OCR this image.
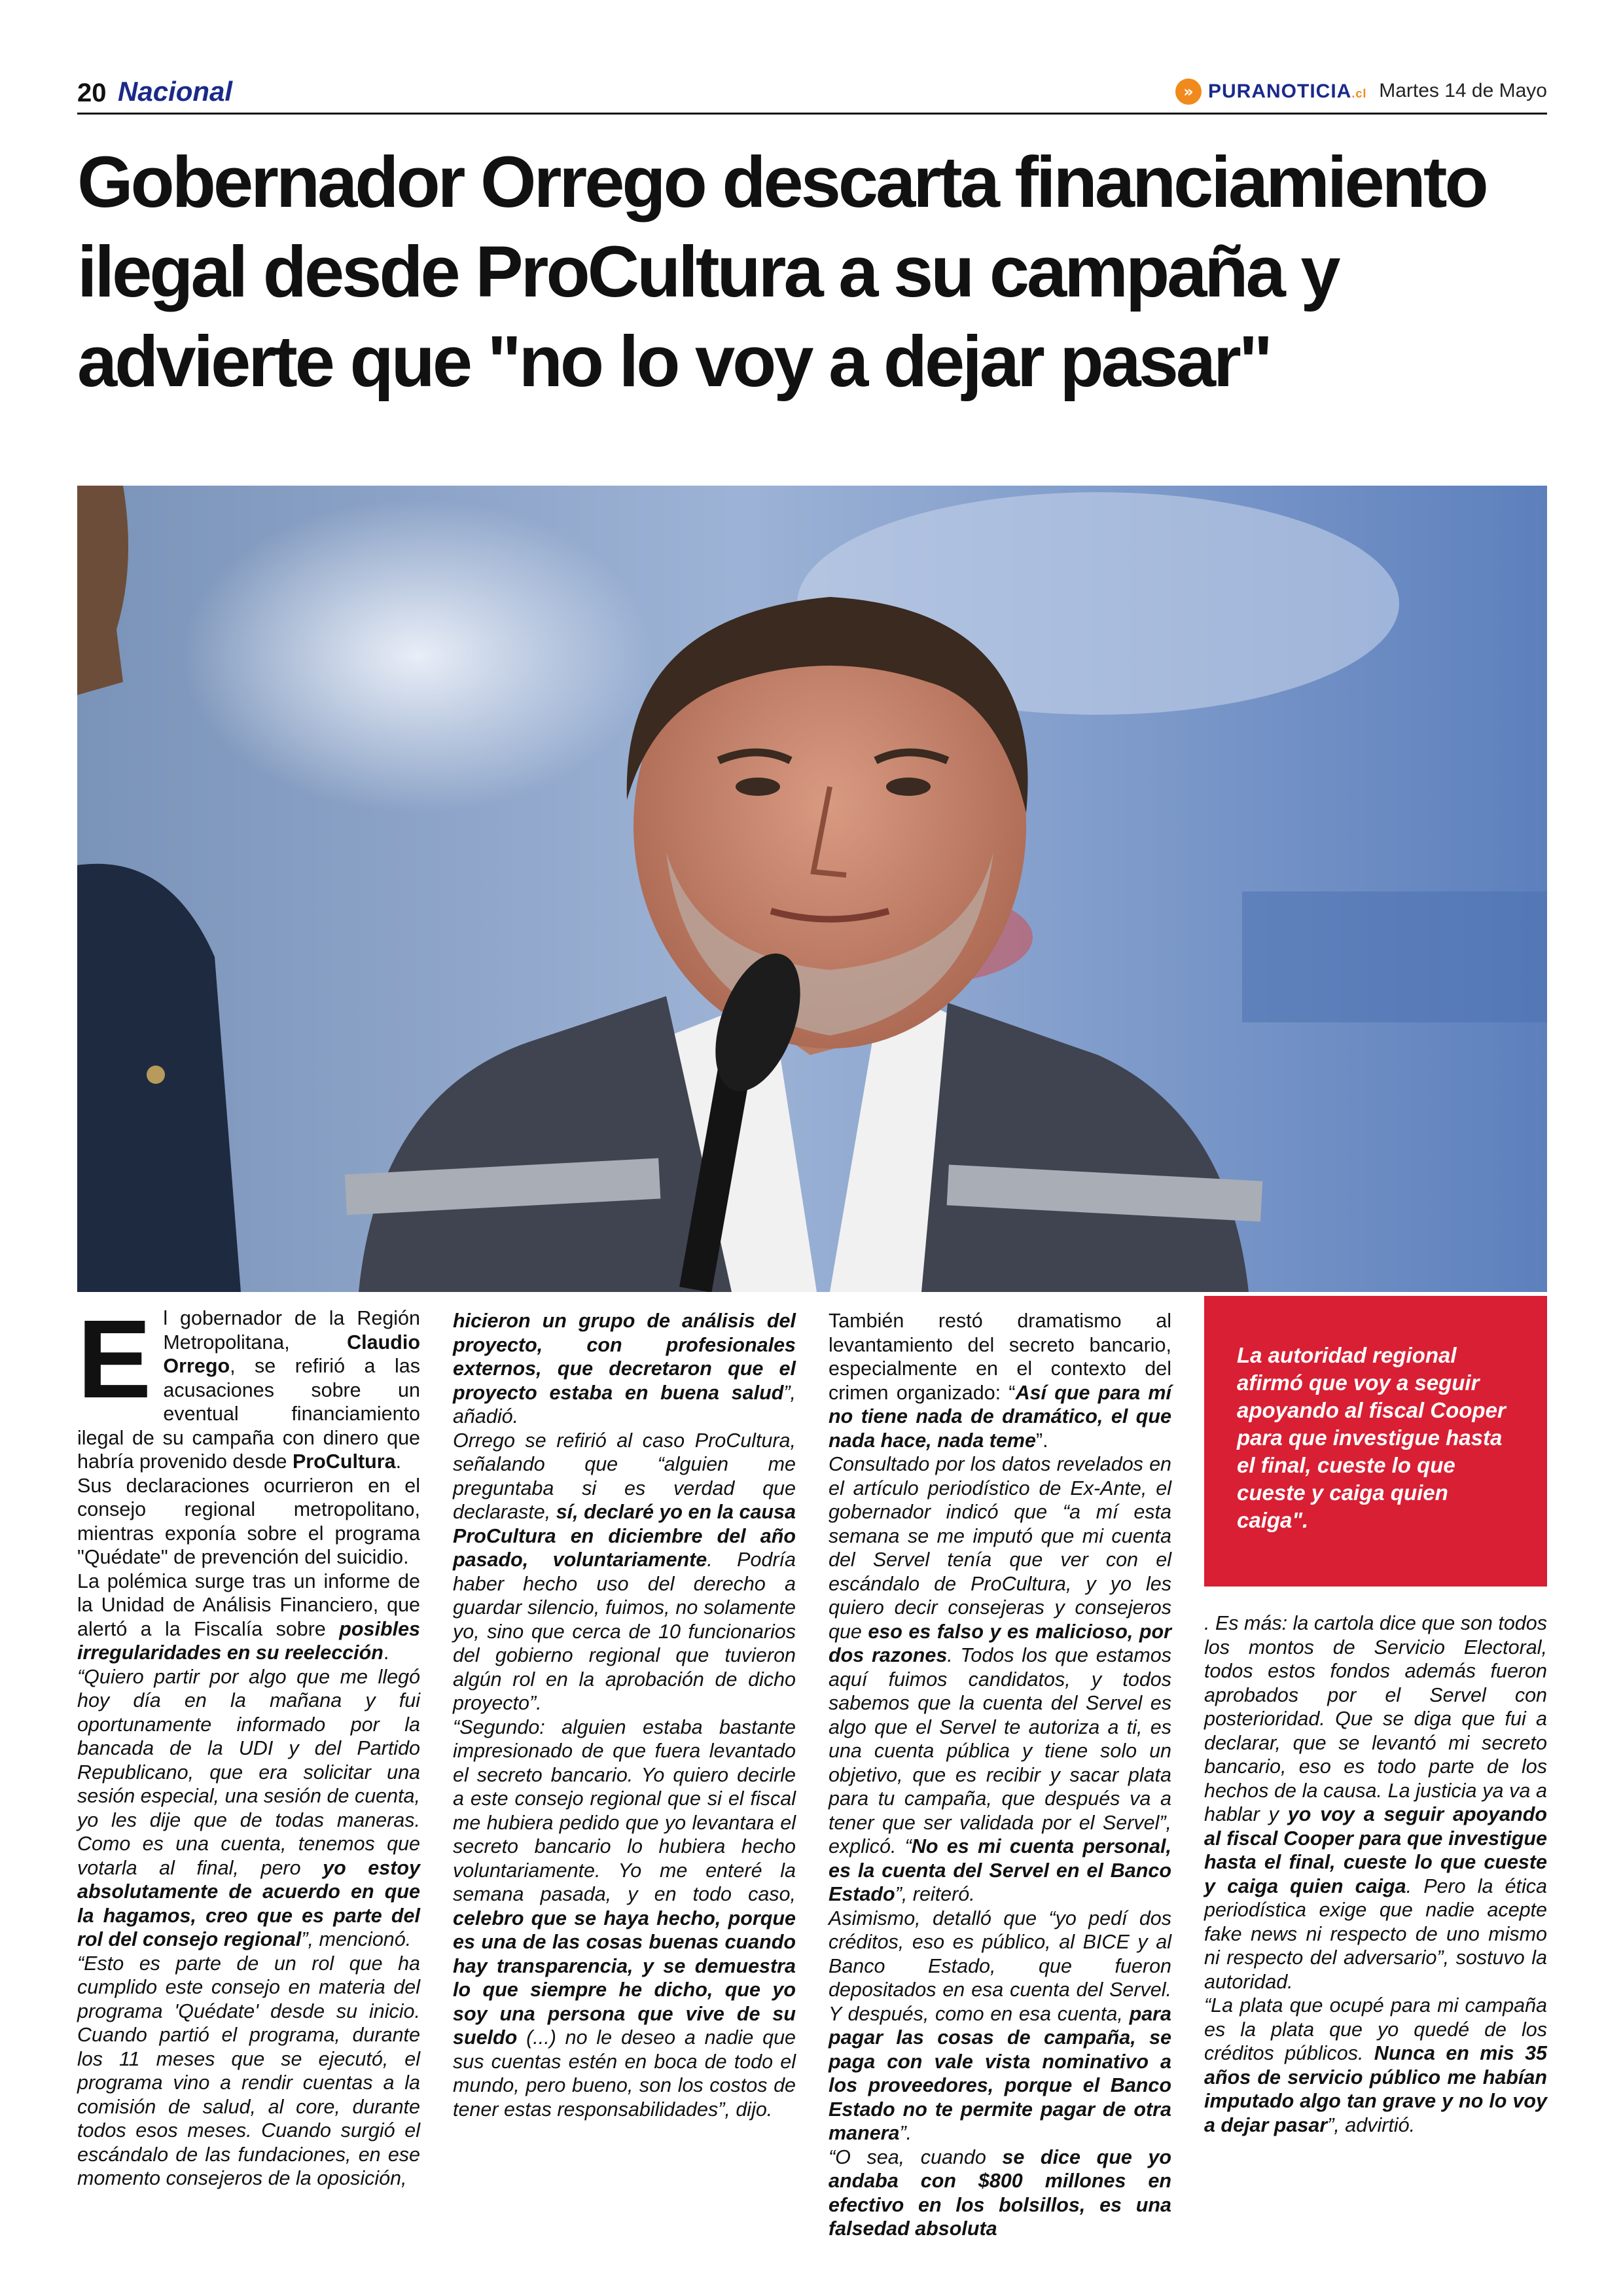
20 Nacional	» PURANOTICIA.cl Martes 14 de Mayo
Gobernador Orrego descarta financiamiento ilegal desde ProCultura a su campaña y advierte que "no lo voy a dejar pasar"
E l gobernador de la Región Metropolitana, Claudio Orrego, se refirió a las acusaciones sobre un eventual financiamiento ilegal de su campaña con dinero que habría provenido desde ProCultura.

Sus declaraciones ocurrieron en el consejo regional metropolitano, mientras exponía sobre el programa "Quédate" de prevención del suicidio.

La polémica surge tras un informe de la Unidad de Análisis Financiero, que alertó a la Fiscalía sobre posibles irregularidades en su reelección.

“Quiero partir por algo que me llegó hoy día en la mañana y fui oportunamente informado por la bancada de la UDI y del Partido Republicano, que era solicitar una sesión especial, una sesión de cuenta, yo les dije que de todas maneras. Como es una cuenta, tenemos que votarla al final, pero yo estoy absolutamente de acuerdo en que la hagamos, creo que es parte del rol del consejo regional”, mencionó.

“Esto es parte de un rol que ha cumplido este consejo en materia del programa 'Quédate' desde su inicio. Cuando partió el programa, durante los 11 meses que se ejecutó, el programa vino a rendir cuentas a la comisión de salud, al core, durante todos esos meses. Cuando surgió el escándalo de las fundaciones, en ese momento consejeros de la oposición,

hicieron un grupo de análisis del proyecto, con profesionales externos, que decretaron que el proyecto estaba en buena salud”, añadió.

Orrego se refirió al caso ProCultura, señalando que “alguien me preguntaba si es verdad que declaraste, sí, declaré yo en la causa ProCultura en diciembre del año pasado, voluntariamente. Podría haber hecho uso del derecho a guardar silencio, fuimos, no solamente yo, sino que cerca de 10 funcionarios del gobierno regional que tuvieron algún rol en la aprobación de dicho proyecto”.

“Segundo: alguien estaba bastante impresionado de que fuera levantado el secreto bancario. Yo quiero decirle a este consejo regional que si el fiscal me hubiera pedido que yo levantara el secreto bancario lo hubiera hecho voluntariamente. Yo me enteré la semana pasada, y en todo caso, celebro que se haya hecho, porque es una de las cosas buenas cuando hay transparencia, y se demuestra lo que siempre he dicho, que yo soy una persona que vive de su sueldo (...) no le deseo a nadie que sus cuentas estén en boca de todo el mundo, pero bueno, son los costos de tener estas responsabilidades”, dijo.

También restó dramatismo al levantamiento del secreto bancario, especialmente en el contexto del crimen organizado: “Así que para mí no tiene nada de dramático, el que nada hace, nada teme”.

Consultado por los datos revelados en el artículo periodístico de Ex-Ante, el gobernador indicó que “a mí esta semana se me imputó que mi cuenta del Servel tenía que ver con el escándalo de ProCultura, y yo les quiero decir consejeras y consejeros que eso es falso y es malicioso, por dos razones. Todos los que estamos aquí fuimos candidatos, y todos sabemos que la cuenta del Servel es algo que el Servel te autoriza a ti, es una cuenta pública y tiene solo un objetivo, que es recibir y sacar plata para tu campaña, que después va a tener que ser validada por el Servel”, explicó. “No es mi cuenta personal, es la cuenta del Servel en el Banco Estado”, reiteró.

Asimismo, detalló que “yo pedí dos créditos, eso es público, al BICE y al Banco Estado, que fueron depositados en esa cuenta del Servel. Y después, como en esa cuenta, para pagar las cosas de campaña, se paga con vale vista nominativo a los proveedores, porque el Banco Estado no te permite pagar de otra manera”.

“O sea, cuando se dice que yo andaba con $800 millones en efectivo en los bolsillos, es una falsedad absoluta

La autoridad regional afirmó que voy a seguir apoyando al fiscal Cooper para que investigue hasta el final, cueste lo que cueste y caiga quien caiga".

. Es más: la cartola dice que son todos los montos de Servicio Electoral, todos estos fondos además fueron aprobados por el Servel con posterioridad. Que se diga que fui a declarar, que se levantó mi secreto bancario, eso es todo parte de los hechos de la causa. La justicia ya va a hablar y yo voy a seguir apoyando al fiscal Cooper para que investigue hasta el final, cueste lo que cueste y caiga quien caiga. Pero la ética periodística exige que nadie acepte fake news ni respecto de uno mismo ni respecto del adversario”, sostuvo la autoridad.

“La plata que ocupé para mi campaña es la plata que yo quedé de los créditos públicos. Nunca en mis 35 años de servicio público me habían imputado algo tan grave y no lo voy a dejar pasar”, advirtió.
